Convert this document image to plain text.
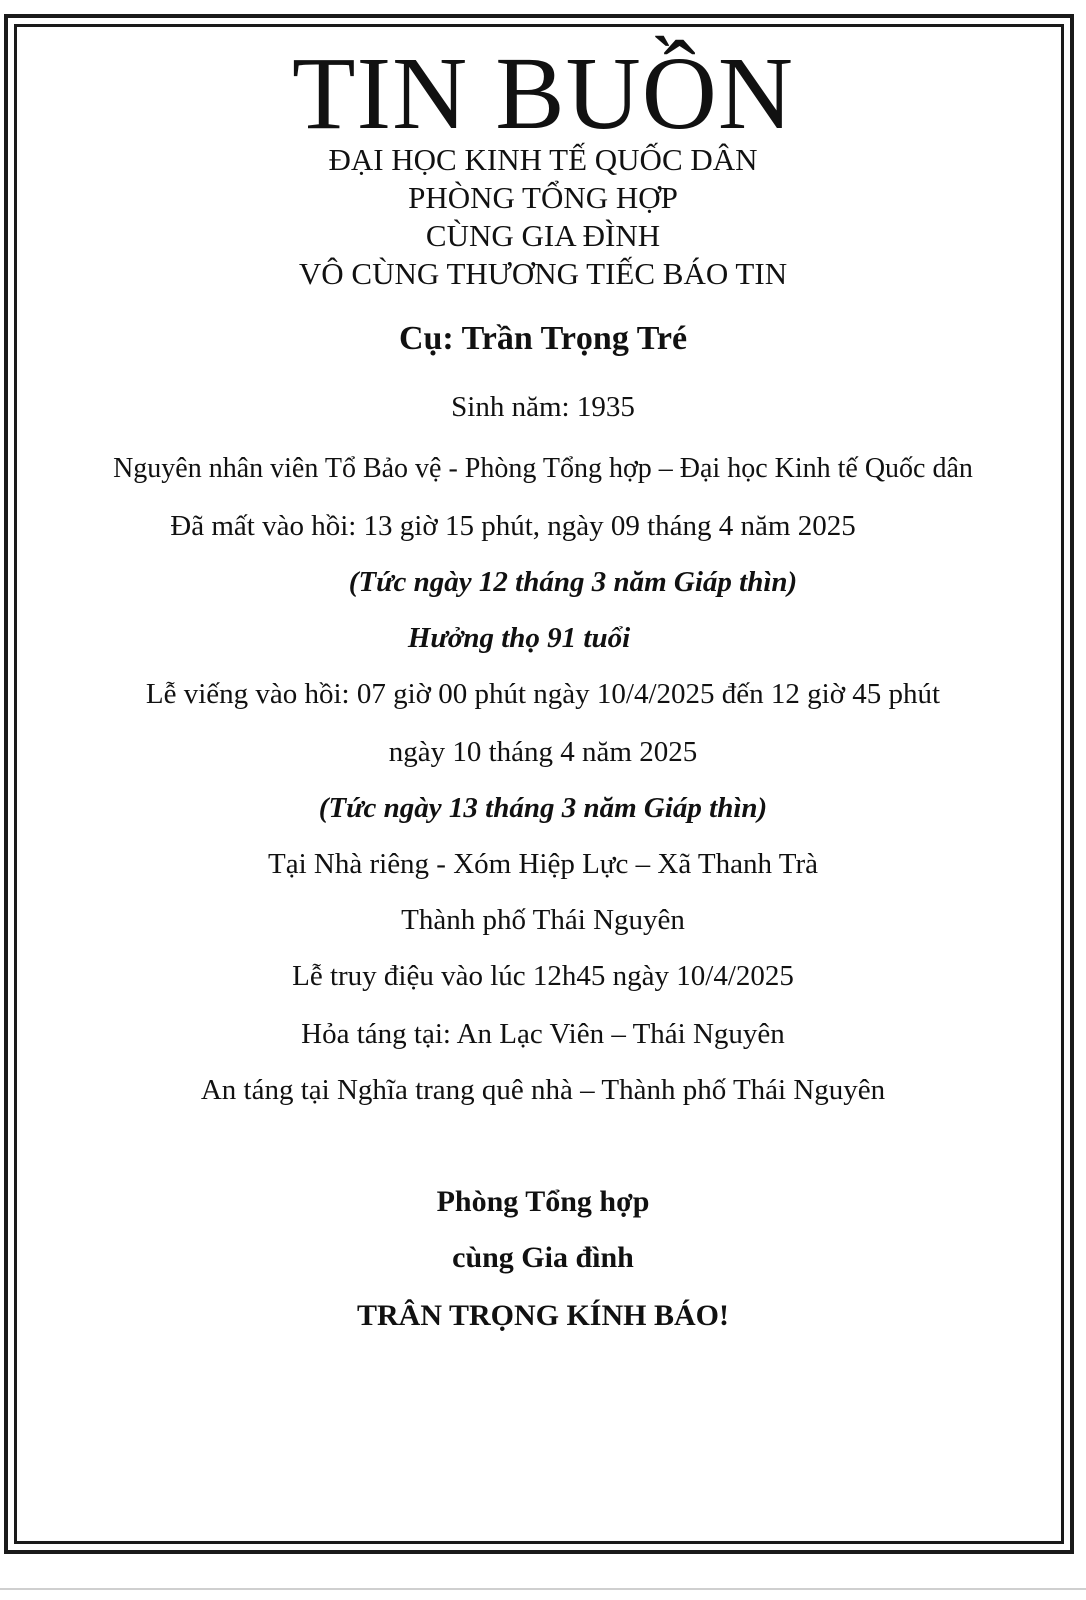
TIN BUỒN

ĐẠI HỌC KINH TẾ QUỐC DÂN

PHÒNG TỔNG HỢP

CÙNG GIA ĐÌNH

VÔ CÙNG THƯƠNG TIẾC BÁO TIN

Cụ: Trần Trọng Tré

Sinh năm: 1935

Nguyên nhân viên Tổ Bảo vệ - Phòng Tổng hợp – Đại học Kinh tế Quốc dân

Đã mất vào hồi: 13 giờ 15 phút, ngày 09 tháng 4 năm 2025

(Tức ngày 12 tháng 3 năm Giáp thìn)

Hưởng thọ 91 tuổi

Lễ viếng vào hồi: 07 giờ 00 phút ngày 10/4/2025 đến 12 giờ 45 phút

ngày 10 tháng 4 năm 2025

(Tức ngày 13 tháng 3 năm Giáp thìn)

Tại Nhà riêng - Xóm Hiệp Lực – Xã Thanh Trà

Thành phố Thái Nguyên

Lễ truy điệu vào lúc 12h45 ngày 10/4/2025

Hỏa táng tại: An Lạc Viên – Thái Nguyên

An táng tại Nghĩa trang quê nhà – Thành phố Thái Nguyên

Phòng Tổng hợp

cùng Gia đình

TRÂN TRỌNG KÍNH BÁO!
